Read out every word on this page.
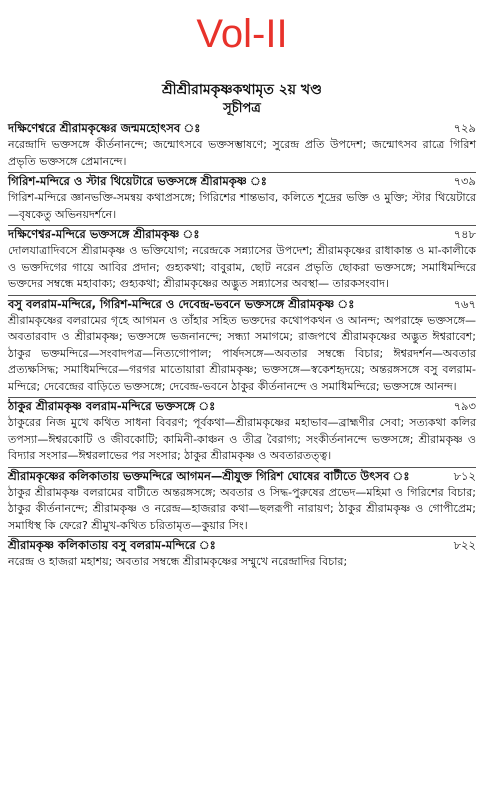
Vol-II
শ্রীশ্রীরামকৃষ্ণকথামৃত ২য় খণ্ড
সূচীপত্র
দক্ষিণেশ্বরে শ্রীরামকৃষ্ণের জন্মমহোৎসব ঃ	৭২৯
নরেন্দ্রাদি ভক্তসঙ্গে কীর্তনানন্দে; জন্মোৎসবে ভক্তসম্ভাষণে; সুরেন্দ্র প্রতি উপদেশ; জন্মোৎসব রাত্রে গিরিশ প্রভৃতি ভক্তসঙ্গে প্রেমানন্দে।
গিরিশ-মন্দিরে ও স্টার থিয়েটারে ভক্তসঙ্গে শ্রীরামকৃষ্ণ ঃ	৭৩৯
গিরিশ-মন্দিরে জ্ঞানভক্তি-সমন্বয় কথাপ্রসঙ্গে; গিরিশের শান্তভাব, কলিতে শূদ্রের ভক্তি ও মুক্তি; স্টার থিয়েটারে—বৃষকেতু অভিনয়দর্শনে।
দক্ষিণেশ্বর-মন্দিরে ভক্তসঙ্গে শ্রীরামকৃষ্ণ ঃ	৭৪৮
দোলযাত্রাদিবসে শ্রীরামকৃষ্ণ ও ভক্তিযোগ; নরেন্দ্রকে সন্ন্যাসের উপদেশ; শ্রীরামকৃষ্ণের রাধাকান্ত ও মা-কালীকে ও ভক্তদিগের গায়ে আবির প্রদান; গুহ্যকথা; বাবুরাম, ছোট নরেন প্রভৃতি ছোকরা ভক্তসঙ্গে; সমাধিমন্দিরে ভক্তদের সম্বন্ধে মহাবাক্য; গুহ্যকথা; শ্রীরামকৃষ্ণের অদ্ভুত সন্ন্যাসের অবস্থা— তারকসংবাদ।
বসু বলরাম-মন্দিরে, গিরিশ-মন্দিরে ও দেবেন্দ্র-ভবনে ভক্তসঙ্গে শ্রীরামকৃষ্ণ ঃ	৭৬৭
শ্রীরামকৃষ্ণের বলরামের গৃহে আগমন ও তাঁহার সহিত ভক্তদের কথোপকথন ও আনন্দ; অপরাহ্নে ভক্তসঙ্গে—অবতারবাদ ও শ্রীরামকৃষ্ণ; ভক্তসঙ্গে ভজনানন্দে; সন্ধ্যা সমাগমে; রাজপথে শ্রীরামকৃষ্ণের অদ্ভুত ঈশ্বরাবেশ; ঠাকুর ভক্তমন্দিরে—সংবাদপত্র—নিত্যগোপাল; পার্ষদসঙ্গে—অবতার সম্বন্ধে বিচার; ঈশ্বরদর্শন—অবতার প্রত্যক্ষসিদ্ধ; সমাধিমন্দিরে—গরগর মাতোয়ারা শ্রীরামকৃষ্ণ; ভক্তসঙ্গে—স্বকেশহৃদয়ে; অন্তরঙ্গসঙ্গে বসু বলরাম-মন্দিরে; দেবেন্দ্রের বাড়িতে ভক্তসঙ্গে; দেবেন্দ্র-ভবনে ঠাকুর কীর্তনানন্দে ও সমাধিমন্দিরে; ভক্তসঙ্গে আনন্দ।
ঠাকুর শ্রীরামকৃষ্ণ বলরাম-মন্দিরে ভক্তসঙ্গে ঃ	৭৯৩
ঠাকুরের নিজ মুখে কথিত সাধনা বিবরণ; পূর্বকথা—শ্রীরামকৃষ্ণের মহাভাব—ব্রাহ্মণীর সেবা; সত্যকথা কলির তপস্যা—ঈশ্বরকোটি ও জীবকোটি; কামিনী-কাঞ্চন ও তীব্র বৈরাগ্য; সংকীর্তনানন্দে ভক্তসঙ্গে; শ্রীরামকৃষ্ণ ও বিদ্যার সংসার—ঈশ্বরলাভের পর সংসার; ঠাকুর শ্রীরামকৃষ্ণ ও অবতারতত্ত্ব।
শ্রীরামকৃষ্ণের কলিকাতায় ভক্তমন্দিরে আগমন—শ্রীযুক্ত গিরিশ ঘোষের বাটীতে উৎসব ঃ	৮১২
ঠাকুর শ্রীরামকৃষ্ণ বলরামের বাটীতে অন্তরঙ্গসঙ্গে; অবতার ও সিদ্ধ-পুরুষের প্রভেদ—মহিমা ও গিরিশের বিচার; ঠাকুর কীর্তনানন্দে; শ্রীরামকৃষ্ণ ও নরেন্দ্র—হাজরার কথা—ছলরূপী নারায়ণ; ঠাকুর শ্রীরামকৃষ্ণ ও গোপীপ্রেম; সমাধিস্থ কি ফেরে? শ্রীমুখ-কথিত চরিতামৃত—কুয়ার সিং।
শ্রীরামকৃষ্ণ কলিকাতায় বসু বলরাম-মন্দিরে ঃ	৮২২
নরেন্দ্র ও হাজরা মহাশয়; অবতার সম্বন্ধে শ্রীরামকৃষ্ণের সম্মুখে নরেন্দ্রাদির বিচার;
